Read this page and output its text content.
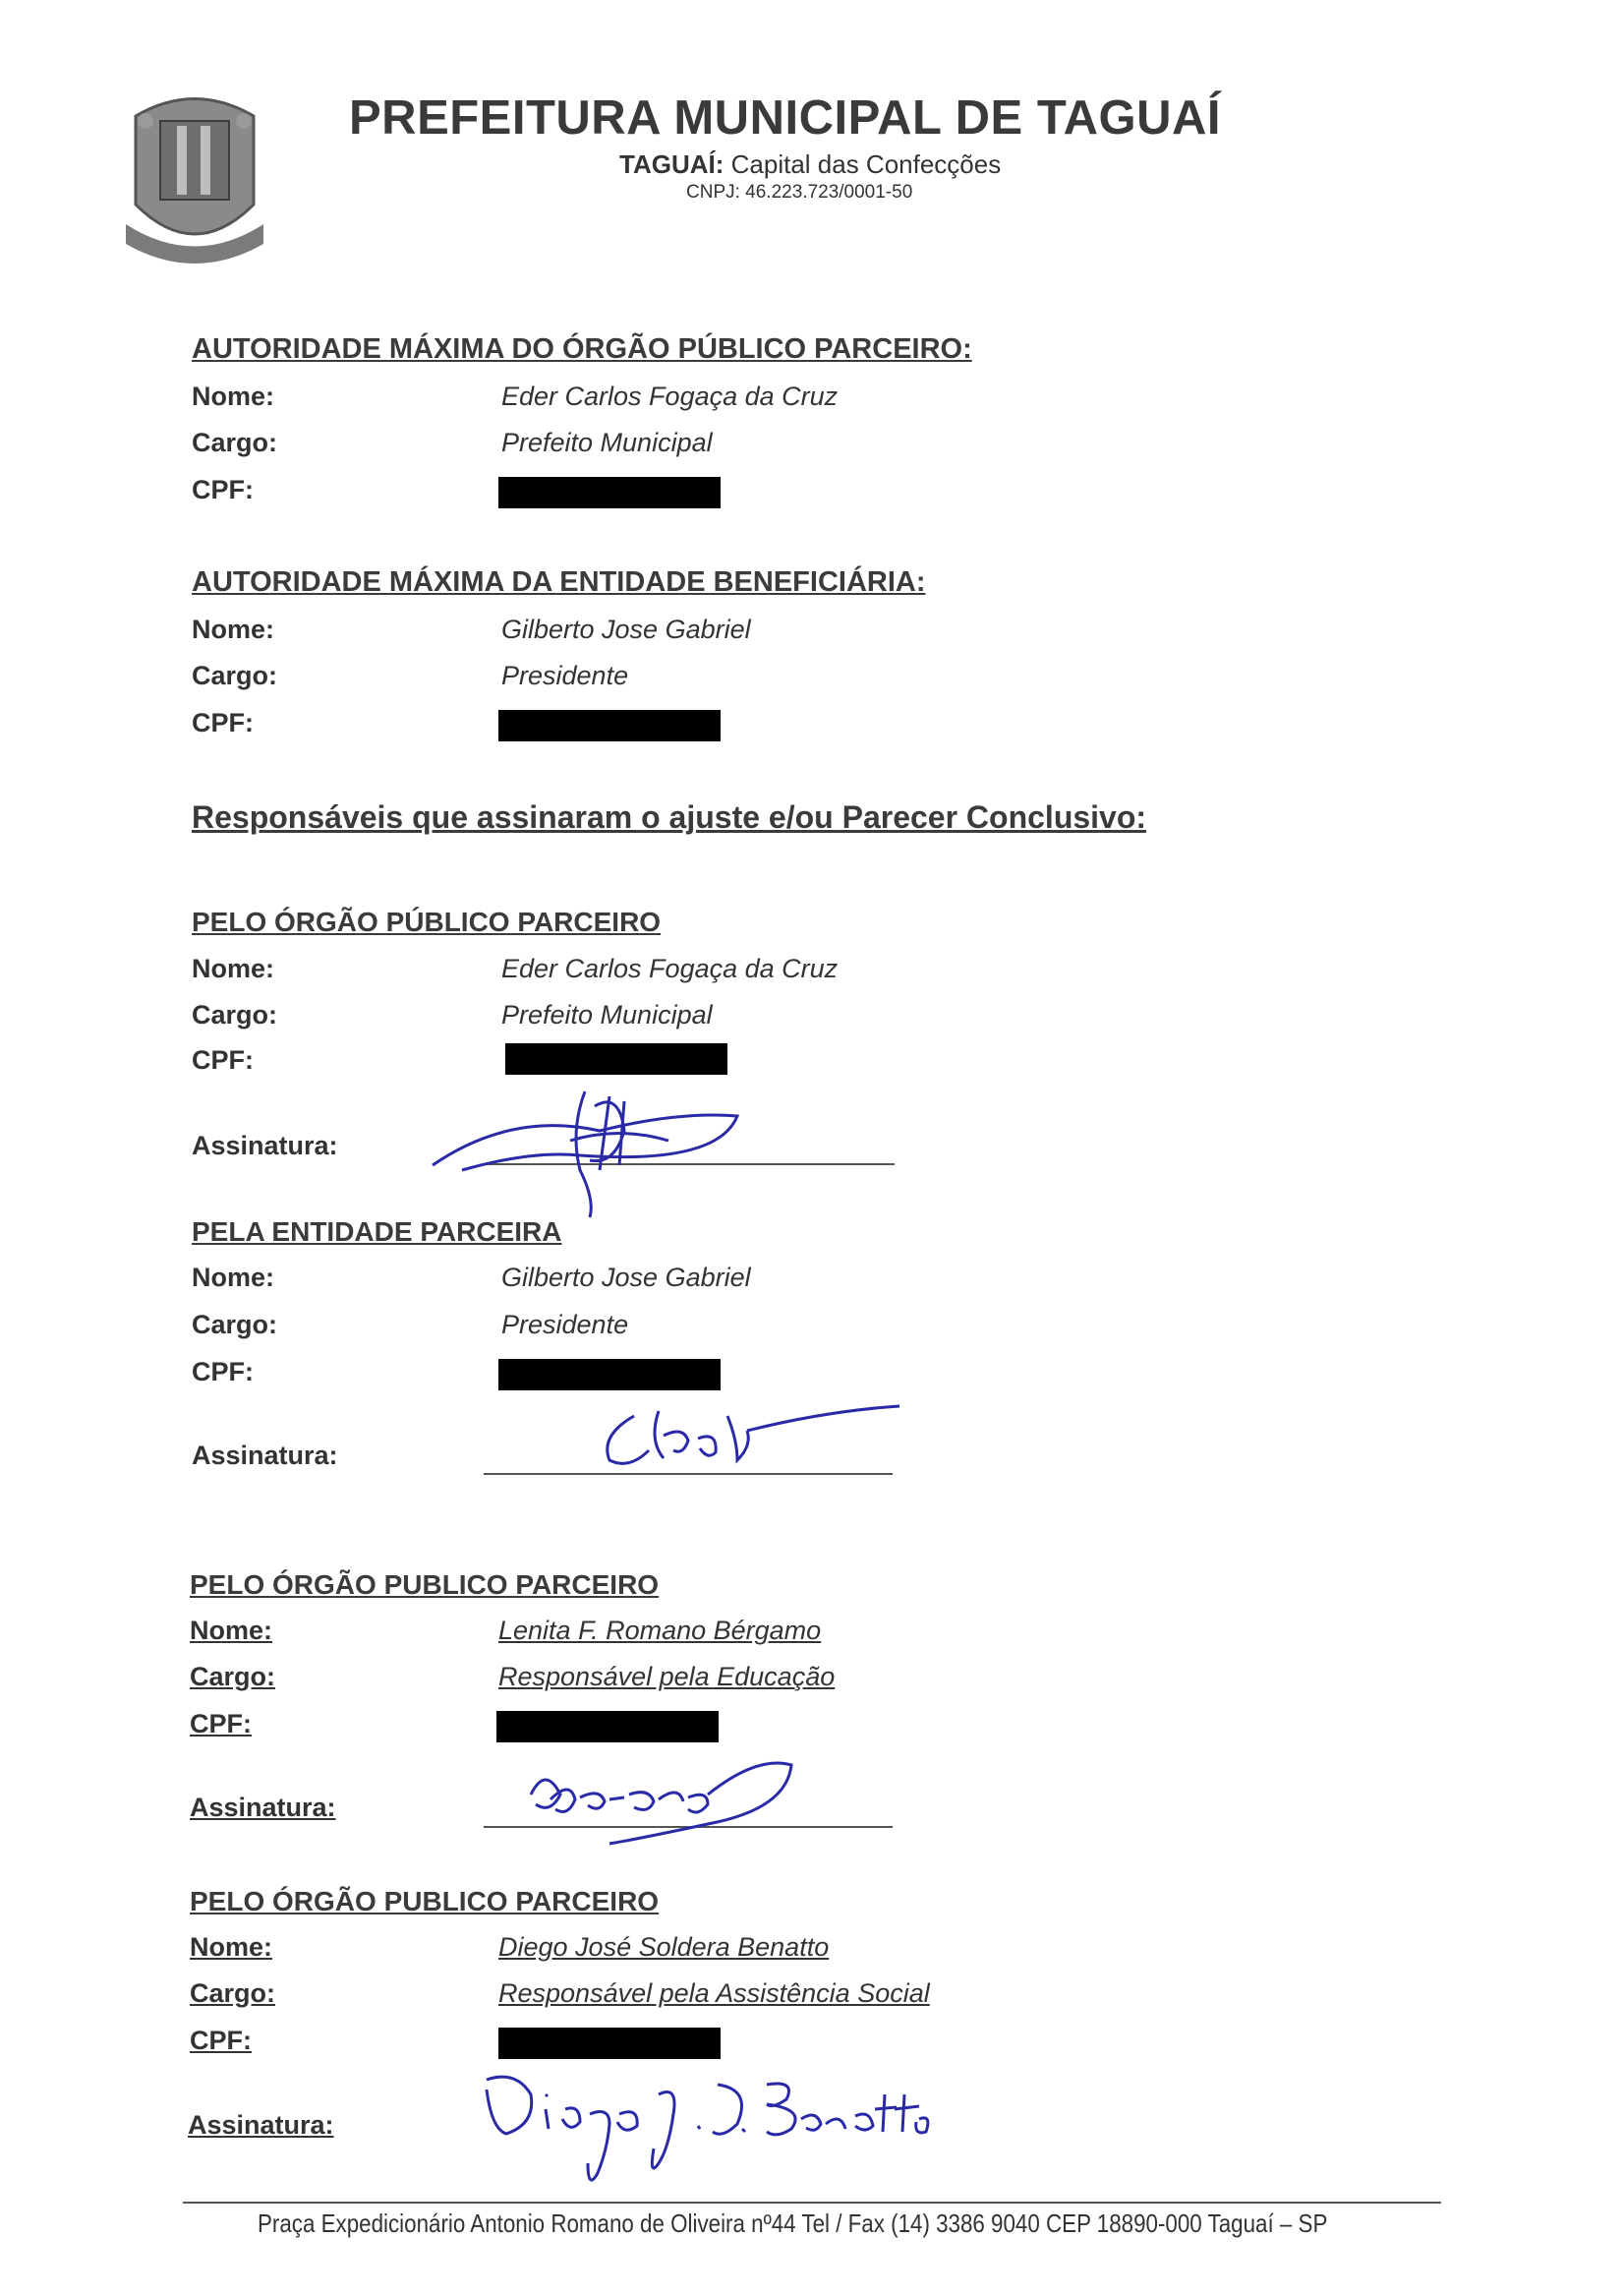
PREFEITURA MUNICIPAL DE TAGUAÍ
TAGUAÍ: Capital das Confecções
CNPJ: 46.223.723/0001-50
AUTORIDADE MÁXIMA DO ÓRGÃO PÚBLICO PARCEIRO:
Nome:	Eder Carlos Fogaça da Cruz
Cargo:	Prefeito Municipal
CPF:
AUTORIDADE MÁXIMA DA ENTIDADE BENEFICIÁRIA:
Nome:	Gilberto Jose Gabriel
Cargo:	Presidente
CPF:
Responsáveis que assinaram o ajuste e/ou Parecer Conclusivo:
PELO ÓRGÃO PÚBLICO PARCEIRO
Nome:	Eder Carlos Fogaça da Cruz
Cargo:	Prefeito Municipal
CPF:
Assinatura:
PELA ENTIDADE PARCEIRA
Nome:	Gilberto Jose Gabriel
Cargo:	Presidente
CPF:
Assinatura:
PELO ÓRGÃO PUBLICO PARCEIRO
Nome:	Lenita F. Romano Bérgamo
Cargo:	Responsável pela Educação
CPF:
Assinatura:
PELO ÓRGÃO PUBLICO PARCEIRO
Nome:	Diego José Soldera Benatto
Cargo:	Responsável pela Assistência Social
CPF:
Assinatura:
Praça Expedicionário Antonio Romano de Oliveira nº44 Tel / Fax (14) 3386 9040 CEP 18890-000 Taguaí – SP
